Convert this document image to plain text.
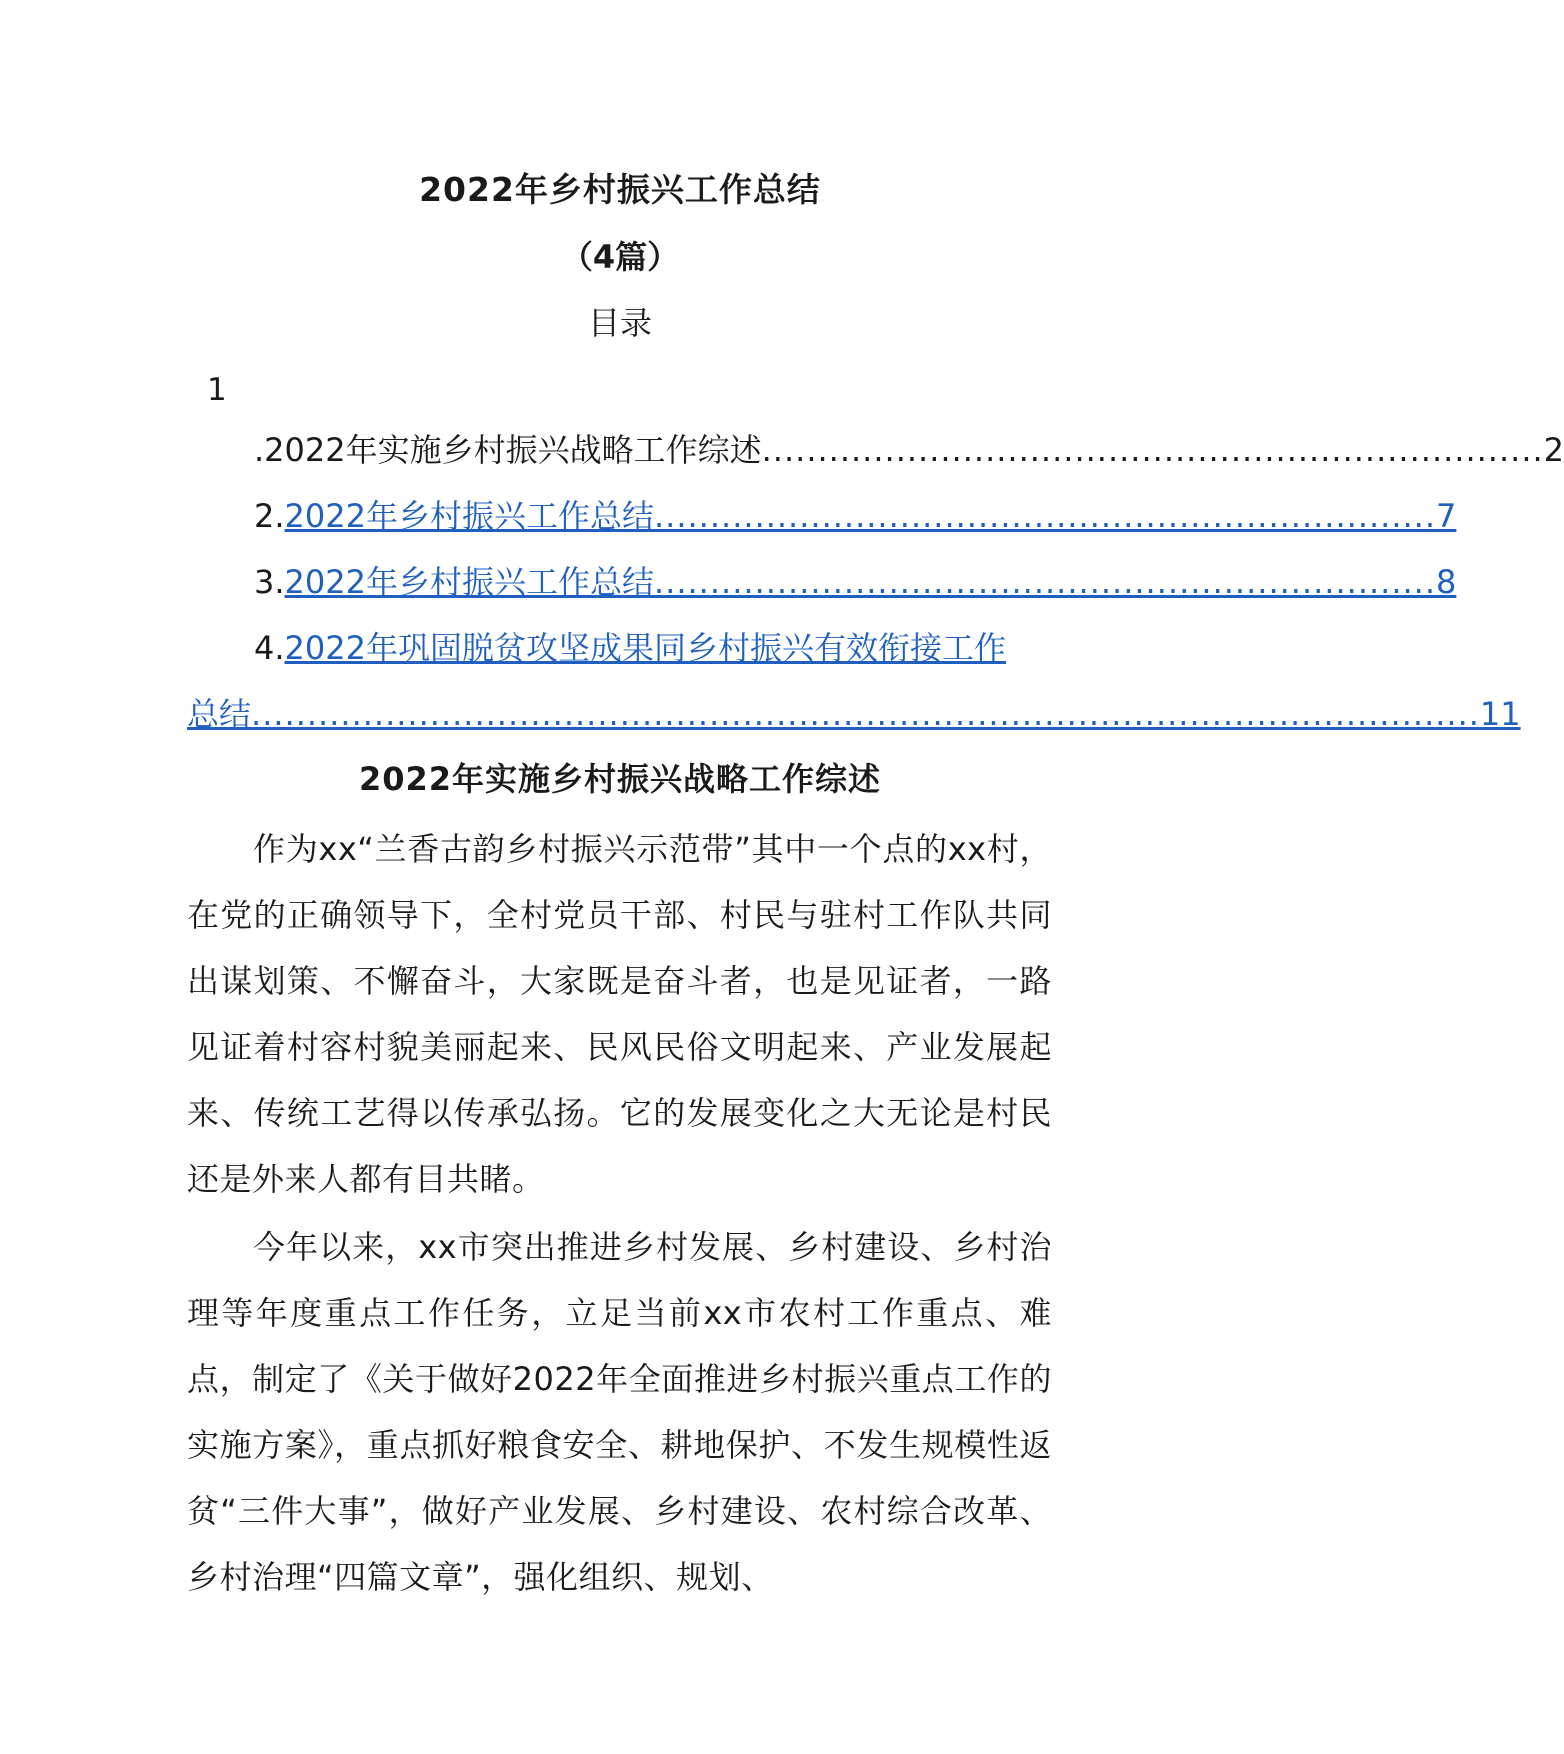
2022年乡村振兴工作总结
（4篇）
目录
1
. 2022年实施乡村振兴战略工作综述 ...................................................................... 2
2. 2022年乡村振兴工作总结 ...................................................................... 7
3. 2022年乡村振兴工作总结 ...................................................................... 8
4. 2022年巩固脱贫攻坚成果同乡村振兴有效衔接工作
总结 .............................................................................................................. 11
2022年实施乡村振兴战略工作综述

作为xx“兰香古韵乡村振兴示范带”其中一个点的xx村，在党的正确领导下，全村党员干部、村民与驻村工作队共同出谋划策、不懈奋斗，大家既是奋斗者，也是见证者，一路见证着村容村貌美丽起来、民风民俗文明起来、产业发展起来、传统工艺得以传承弘扬。它的发展变化之大无论是村民还是外来人都有目共睹。

今年以来，xx市突出推进乡村发展、乡村建设、乡村治理等年度重点工作任务，立足当前xx市农村工作重点、难点，制定了《关于做好2022年全面推进乡村振兴重点工作的实施方案》，重点抓好粮食安全、耕地保护、不发生规模性返贫“三件大事”，做好产业发展、乡村建设、农村综合改革、乡村治理“四篇文章”，强化组织、规划、
